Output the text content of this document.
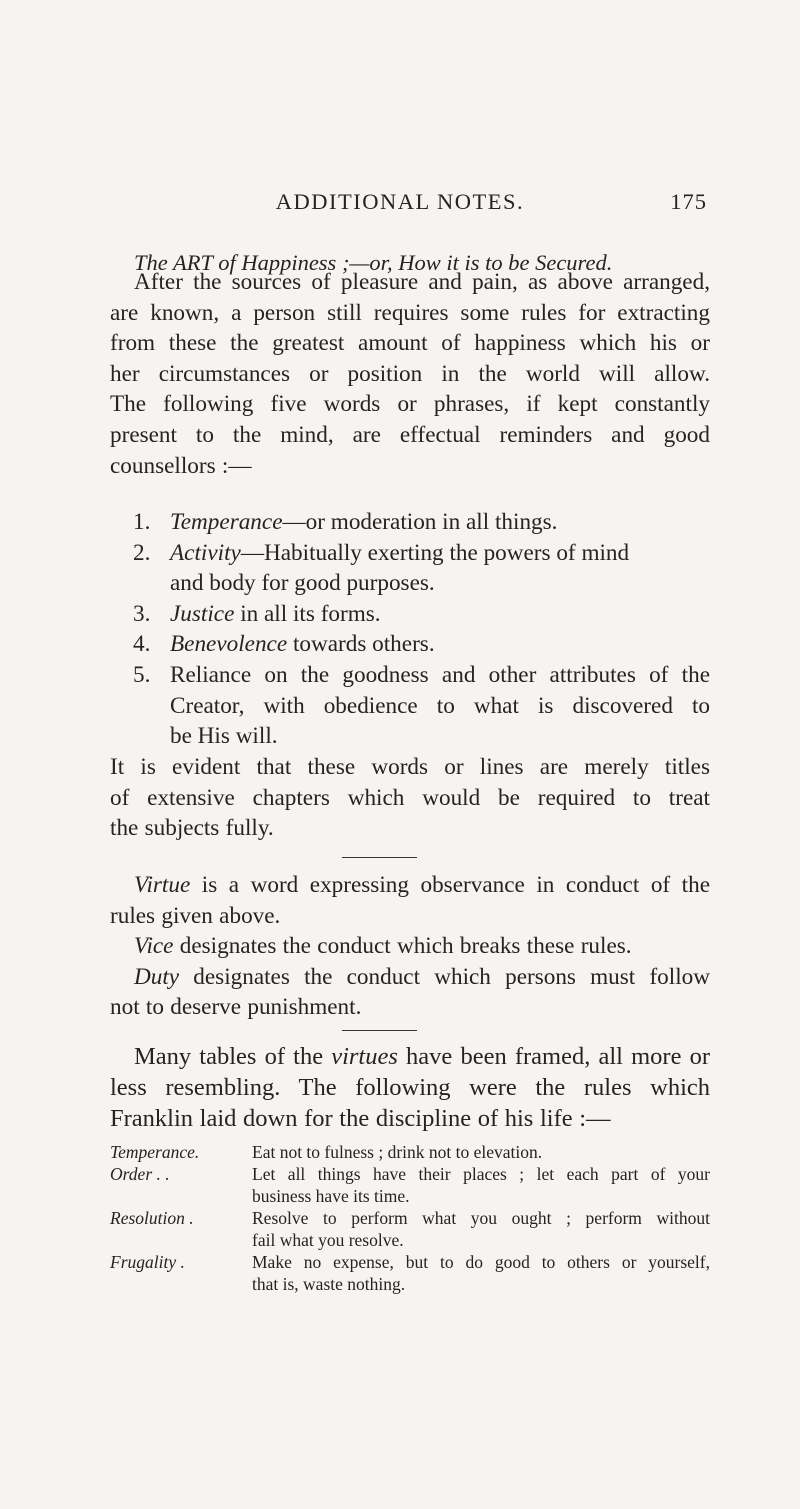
ADDITIONAL NOTES.	175
The ART of Happiness ;—or, How it is to be Secured.
After the sources of pleasure and pain, as above arranged,
are known, a person still requires some rules for extracting
from these the greatest amount of happiness which his or
her circumstances or position in the world will allow.
The following five words or phrases, if kept constantly
present to the mind, are effectual reminders and good
counsellors :—
1. Temperance—or moderation in all things.
2. Activity—Habitually exerting the powers of mind
and body for good purposes.
3. Justice in all its forms.
4. Benevolence towards others.
5. Reliance on the goodness and other attributes of the
Creator, with obedience to what is discovered to
be His will.
It is evident that these words or lines are merely titles
of extensive chapters which would be required to treat
the subjects fully.
Virtue is a word expressing observance in conduct of the
rules given above.
Vice designates the conduct which breaks these rules.
Duty designates the conduct which persons must follow
not to deserve punishment.
Many tables of the virtues have been framed, all more or
less resembling. The following were the rules which
Franklin laid down for the discipline of his life :—
Temperance.	Eat not to fulness ; drink not to elevation.
Order . .	Let all things have their places ; let each part of your
business have its time.
Resolution .	Resolve to perform what you ought ; perform without
fail what you resolve.
Frugality .	Make no expense, but to do good to others or yourself,
that is, waste nothing.
